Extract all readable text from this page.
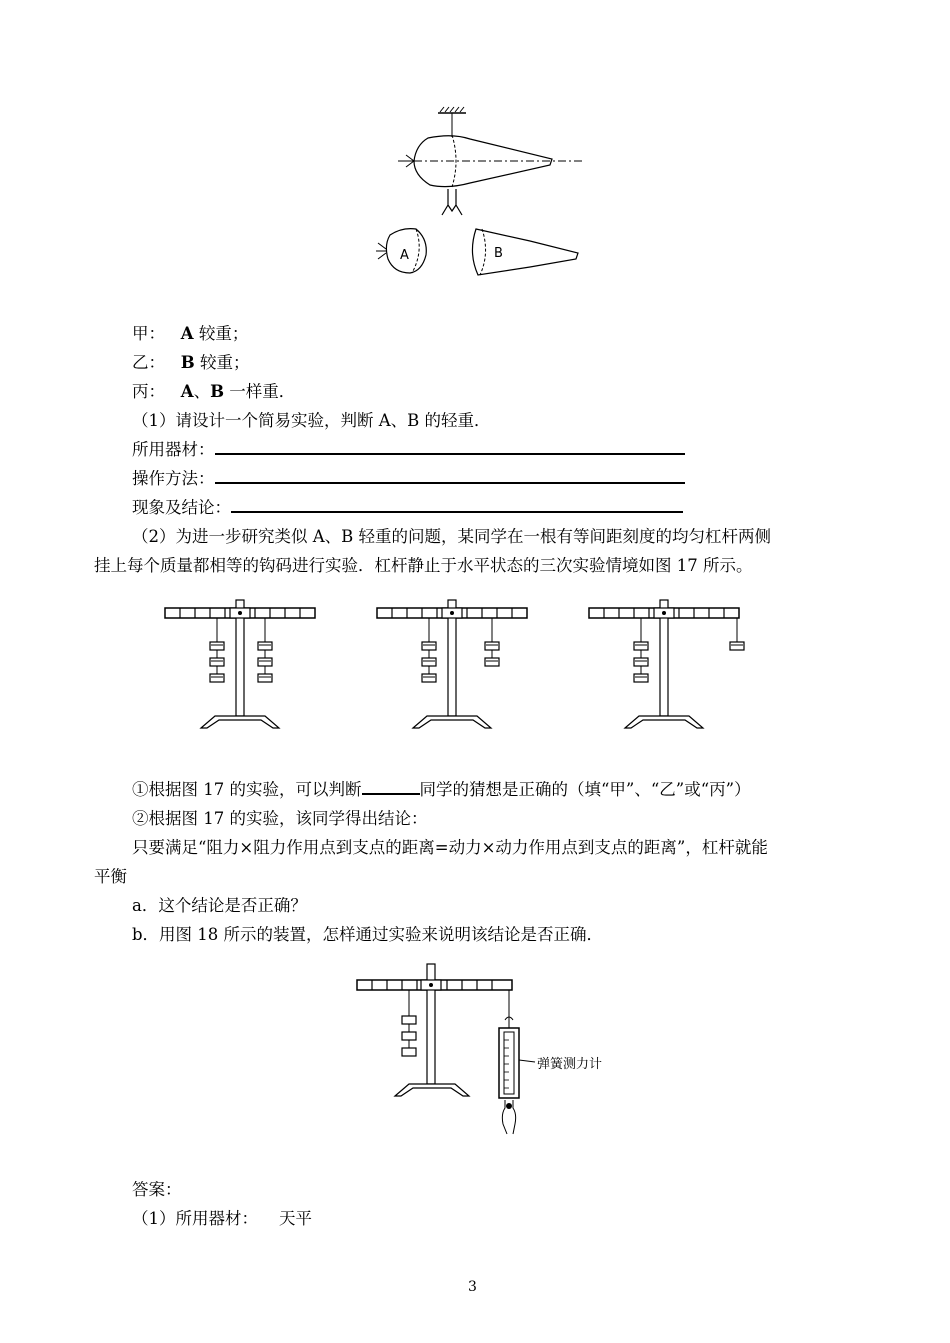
A	B
甲： A 较重；
乙： B 较重；
丙： A、B 一样重．
（1）请设计一个简易实验，判断 A、B 的轻重．
所用器材：
操作方法：
现象及结论：
（2）为进一步研究类似 A、B 轻重的问题，某同学在一根有等间距刻度的均匀杠杆两侧
挂上每个质量都相等的钩码进行实验．杠杆静止于水平状态的三次实验情境如图 17 所示。
①根据图 17 的实验，可以判断	同学的猜想是正确的（填“甲”、“乙”或“丙”）
②根据图 17 的实验，该同学得出结论：
只要满足“阻力×阻力作用点到支点的距离=动力×动力作用点到支点的距离”，杠杆就能
平衡
a．这个结论是否正确？
b．用图 18 所示的装置，怎样通过实验来说明该结论是否正确．
弹簧测力计
答案：
（1）所用器材： 天平
3
